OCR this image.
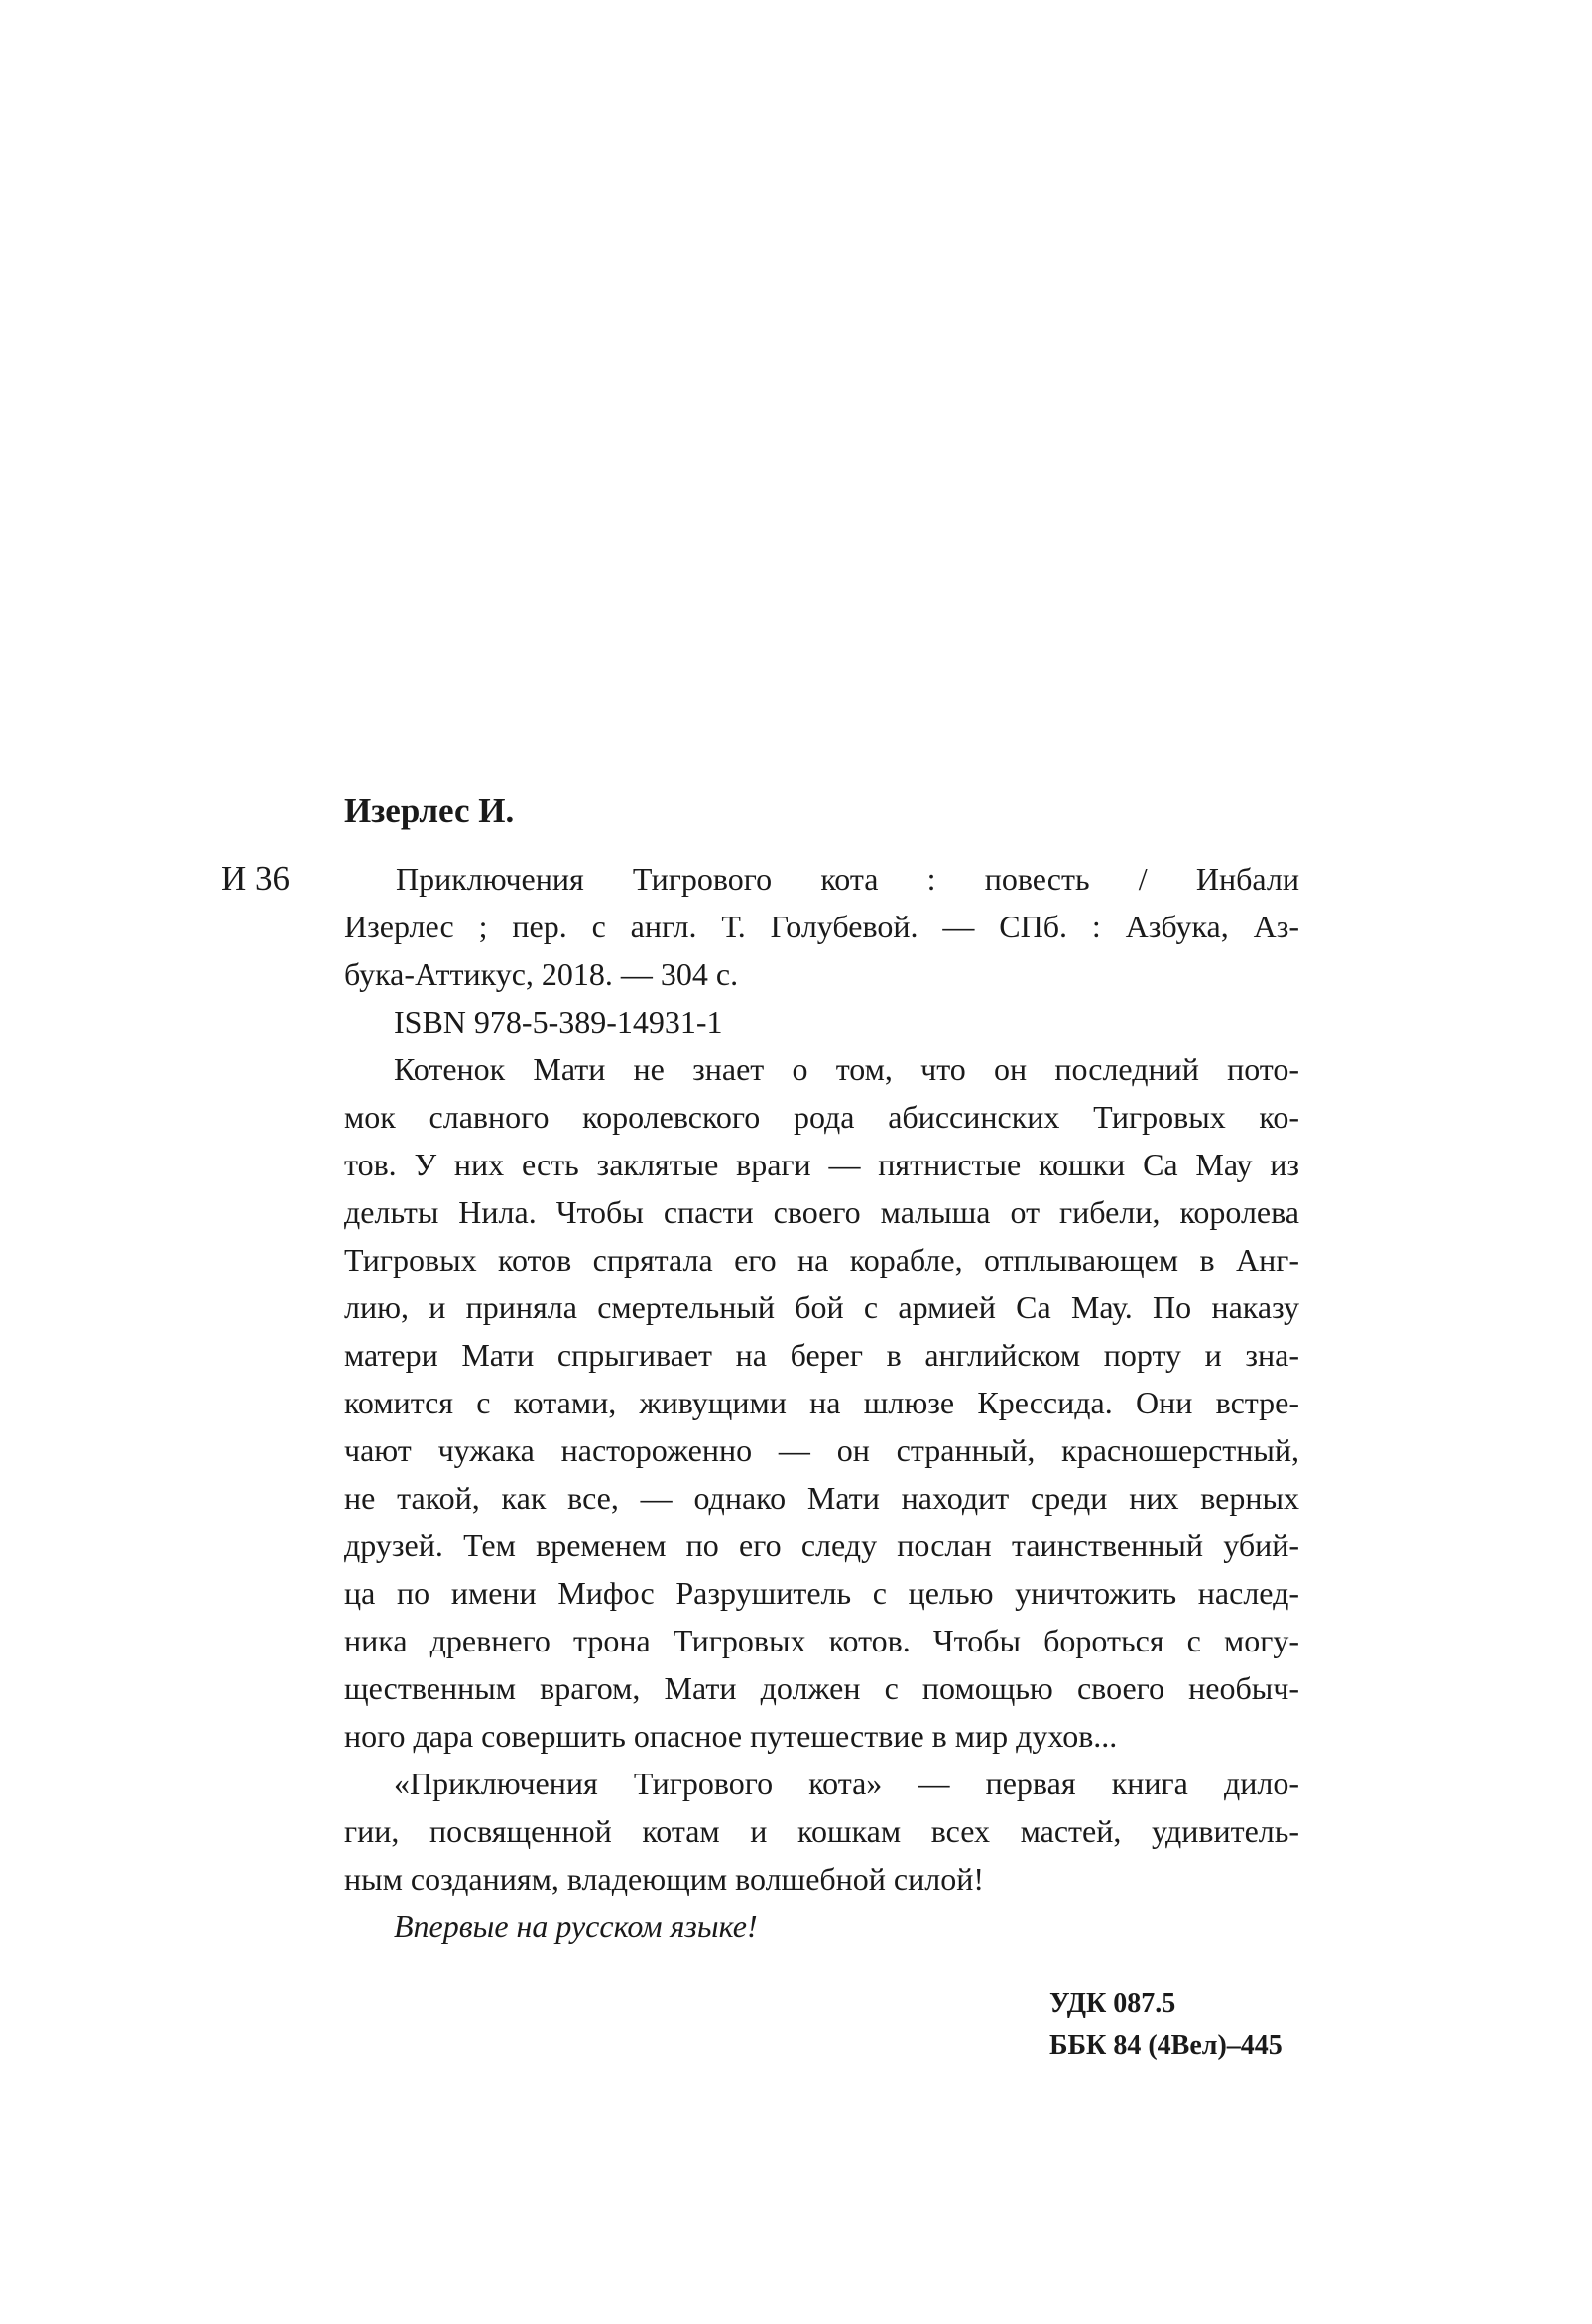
Изерлес И.
И 36	Приключения Тигрового кота : повесть / Инбали
Изерлес ; пер. с англ. Т. Голубевой. — СПб. : Азбука, Аз-
бука-Аттикус, 2018. — 304 с.
ISBN 978-5-389-14931-1
Котенок Мати не знает о том, что он последний пото-
мок славного королевского рода абиссинских Тигровых ко-
тов. У них есть заклятые враги — пятнистые кошки Са Мау из
дельты Нила. Чтобы спасти своего малыша от гибели, королева
Тигровых котов спрятала его на корабле, отплывающем в Анг-
лию, и приняла смертельный бой с армией Са Мау. По наказу
матери Мати спрыгивает на берег в английском порту и зна-
комится с котами, живущими на шлюзе Крессида. Они встре-
чают чужака настороженно — он странный, красношерстный,
не такой, как все, — однако Мати находит среди них верных
друзей. Тем временем по его следу послан таинственный убий-
ца по имени Мифос Разрушитель с целью уничтожить наслед-
ника древнего трона Тигровых котов. Чтобы бороться с могу-
щественным врагом, Мати должен с помощью своего необыч-
ного дара совершить опасное путешествие в мир духов...
«Приключения Тигрового кота» — первая книга дило-
гии, посвященной котам и кошкам всех мастей, удивитель-
ным созданиям, владеющим волшебной силой!
Впервые на русском языке!
УДК 087.5
ББК 84 (4Вел)–445
